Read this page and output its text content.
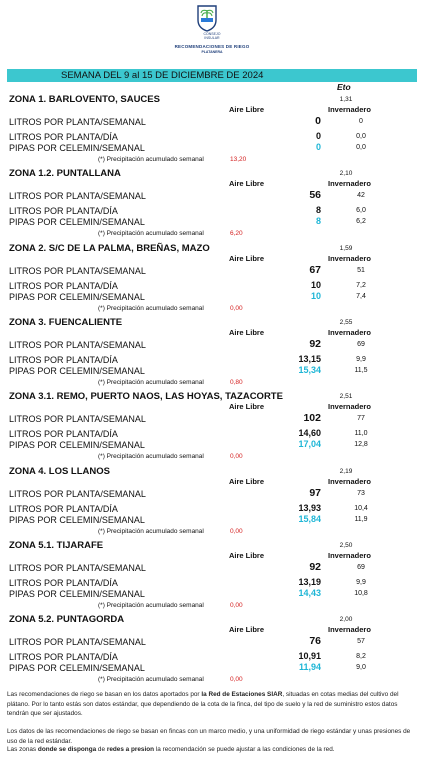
CONSEJO
INSULAR
RECOMENDACIONES DE RIEGO
PLATANERA
SEMANA DEL 9 al 15 DE DICIEMBRE DE 2024
Eto
ZONA 1. BARLOVENTO, SAUCES	1,31
Aire Libre	Invernadero
LITROS POR PLANTA/SEMANAL	0	0
LITROS POR PLANTA/DÍA	0	0,0
PIPAS POR CELEMIN/SEMANAL	0	0,0
(*) Precipitación acumulado semanal	13,20
ZONA 1.2. PUNTALLANA	2,10
Aire Libre	Invernadero
LITROS POR PLANTA/SEMANAL	56	42
LITROS POR PLANTA/DÍA	8	6,0
PIPAS POR CELEMIN/SEMANAL	8	6,2
(*) Precipitación acumulado semanal	6,20
ZONA 2. S/C DE LA PALMA, BREÑAS, MAZO	1,59
Aire Libre	Invernadero
LITROS POR PLANTA/SEMANAL	67	51
LITROS POR PLANTA/DÍA	10	7,2
PIPAS POR CELEMIN/SEMANAL	10	7,4
(*) Precipitación acumulado semanal	0,00
ZONA 3. FUENCALIENTE	2,55
Aire Libre	Invernadero
LITROS POR PLANTA/SEMANAL	92	69
LITROS POR PLANTA/DÍA	13,15	9,9
PIPAS POR CELEMIN/SEMANAL	15,34	11,5
(*) Precipitación acumulado semanal	0,80
ZONA 3.1. REMO, PUERTO NAOS, LAS HOYAS, TAZACORTE	2,51
Aire Libre	Invernadero
LITROS POR PLANTA/SEMANAL	102	77
LITROS POR PLANTA/DÍA	14,60	11,0
PIPAS POR CELEMIN/SEMANAL	17,04	12,8
(*) Precipitación acumulado semanal	0,00
ZONA 4. LOS LLANOS	2,19
Aire Libre	Invernadero
LITROS POR PLANTA/SEMANAL	97	73
LITROS POR PLANTA/DÍA	13,93	10,4
PIPAS POR CELEMIN/SEMANAL	15,84	11,9
(*) Precipitación acumulado semanal	0,00
ZONA 5.1. TIJARAFE	2,50
Aire Libre	Invernadero
LITROS POR PLANTA/SEMANAL	92	69
LITROS POR PLANTA/DÍA	13,19	9,9
PIPAS POR CELEMIN/SEMANAL	14,43	10,8
(*) Precipitación acumulado semanal	0,00
ZONA 5.2. PUNTAGORDA	2,00
Aire Libre	Invernadero
LITROS POR PLANTA/SEMANAL	76	57
LITROS POR PLANTA/DÍA	10,91	8,2
PIPAS POR CELEMIN/SEMANAL	11,94	9,0
(*) Precipitación acumulado semanal	0,00
Las recomendaciones de riego se basan en los datos aportados por la Red de Estaciones SIAR, situadas en cotas medias del cultivo del plátano. Por lo tanto estás son datos estándar, que dependiendo de la cota de la finca, del tipo de suelo y la red de suministro estos datos tendrán que ser ajustados.
Los datos de las recomendaciones de riego se basan en fincas con un marco medio, y una uniformidad de riego estándar y unas presiones de uso de la red estándar.
Las zonas donde se disponga de redes a presion la recomendación se puede ajustar a las condiciones de la red.
